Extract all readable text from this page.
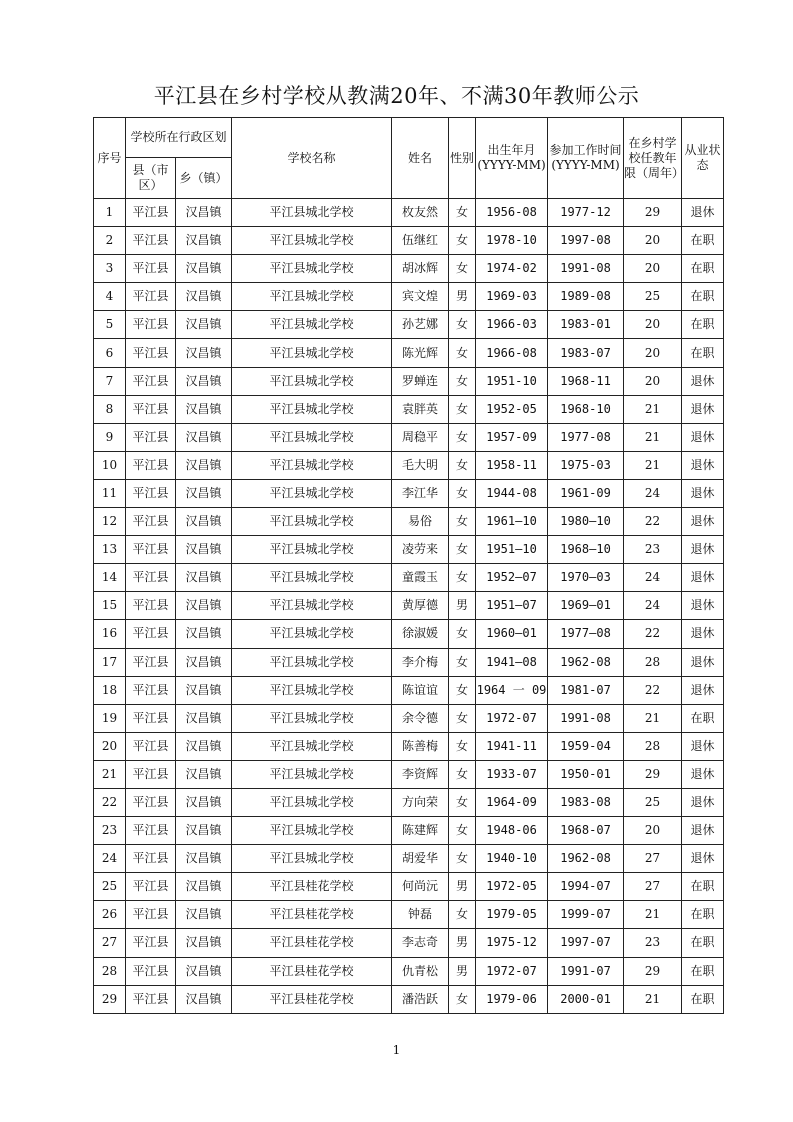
平江县在乡村学校从教满20年、不满30年教师公示
序号	学校所在行政区划		学校名称	姓名	性别	出生年月(YYYY-MM)	参加工作时间(YYYY-MM)	在乡村学校任教年限（周年）	从业状态
	县（市区）	乡（镇）							
1	平江县	汉昌镇	平江县城北学校	枚友然	女	1956-08	1977-12	29	退休
2	平江县	汉昌镇	平江县城北学校	伍继红	女	1978-10	1997-08	20	在职
3	平江县	汉昌镇	平江县城北学校	胡冰辉	女	1974-02	1991-08	20	在职
4	平江县	汉昌镇	平江县城北学校	宾文煌	男	1969-03	1989-08	25	在职
5	平江县	汉昌镇	平江县城北学校	孙艺娜	女	1966-03	1983-01	20	在职
6	平江县	汉昌镇	平江县城北学校	陈光辉	女	1966-08	1983-07	20	在职
7	平江县	汉昌镇	平江县城北学校	罗蝉连	女	1951-10	1968-11	20	退休
8	平江县	汉昌镇	平江县城北学校	袁胖英	女	1952-05	1968-10	21	退休
9	平江县	汉昌镇	平江县城北学校	周稳平	女	1957-09	1977-08	21	退休
10	平江县	汉昌镇	平江县城北学校	毛大明	女	1958-11	1975-03	21	退休
11	平江县	汉昌镇	平江县城北学校	李江华	女	1944-08	1961-09	24	退休
12	平江县	汉昌镇	平江县城北学校	易俗	女	1961—10	1980—10	22	退休
13	平江县	汉昌镇	平江县城北学校	凌劳来	女	1951—10	1968—10	23	退休
14	平江县	汉昌镇	平江县城北学校	童霞玉	女	1952—07	1970—03	24	退休
15	平江县	汉昌镇	平江县城北学校	黄厚德	男	1951—07	1969—01	24	退休
16	平江县	汉昌镇	平江县城北学校	徐淑媛	女	1960—01	1977—08	22	退休
17	平江县	汉昌镇	平江县城北学校	李介梅	女	1941—08	1962-08	28	退休
18	平江县	汉昌镇	平江县城北学校	陈谊谊	女	1964 一 09	1981-07	22	退休
19	平江县	汉昌镇	平江县城北学校	余令德	女	1972-07	1991-08	21	在职
20	平江县	汉昌镇	平江县城北学校	陈善梅	女	1941-11	1959-04	28	退休
21	平江县	汉昌镇	平江县城北学校	李资辉	女	1933-07	1950-01	29	退休
22	平江县	汉昌镇	平江县城北学校	方向荣	女	1964-09	1983-08	25	退休
23	平江县	汉昌镇	平江县城北学校	陈建辉	女	1948-06	1968-07	20	退休
24	平江县	汉昌镇	平江县城北学校	胡爱华	女	1940-10	1962-08	27	退休
25	平江县	汉昌镇	平江县桂花学校	何尚沅	男	1972-05	1994-07	27	在职
26	平江县	汉昌镇	平江县桂花学校	钟磊	女	1979-05	1999-07	21	在职
27	平江县	汉昌镇	平江县桂花学校	李志奇	男	1975-12	1997-07	23	在职
28	平江县	汉昌镇	平江县桂花学校	仇青松	男	1972-07	1991-07	29	在职
29	平江县	汉昌镇	平江县桂花学校	潘浩跃	女	1979-06	2000-01	21	在职
1
